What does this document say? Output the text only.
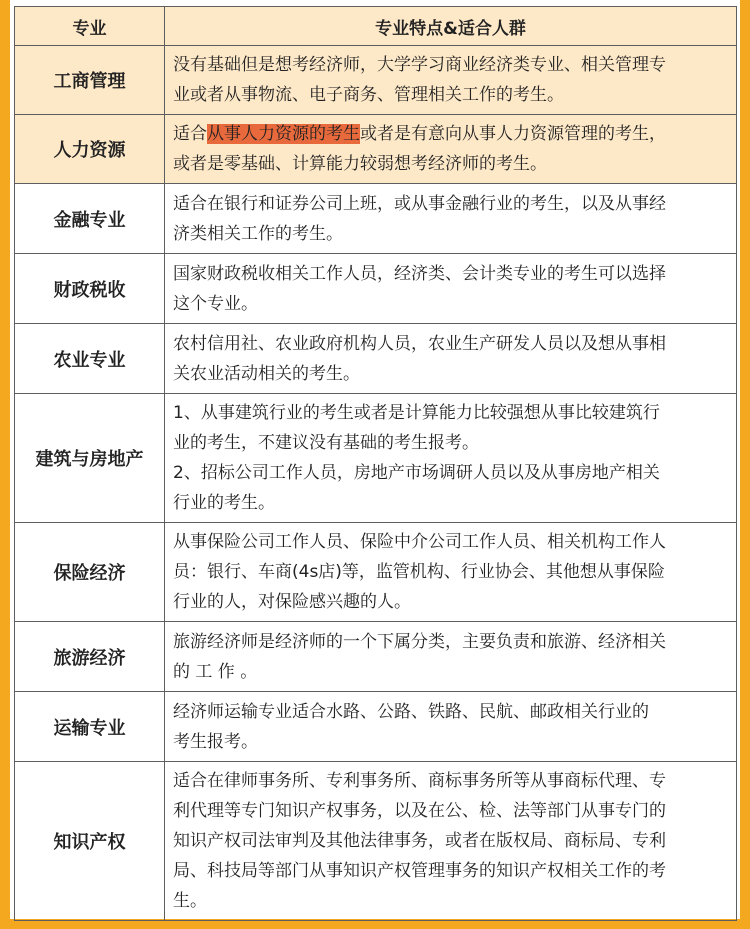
专业	专业特点&适合人群
工商管理	没有基础但是想考经济师，大学学习商业经济类专业、相关管理专
业或者从事物流、电子商务、管理相关工作的考生。

人力资源	适合从事人力资源的考生或者是有意向从事人力资源管理的考生，
或者是零基础、计算能力较弱想考经济师的考生。

金融专业	适合在银行和证券公司上班，或从事金融行业的考生，以及从事经
济类相关工作的考生。

财政税收	国家财政税收相关工作人员，经济类、会计类专业的考生可以选择
这个专业。

农业专业	农村信用社、农业政府机构人员，农业生产研发人员以及想从事相
关农业活动相关的考生。

建筑与房地产	1、从事建筑行业的考生或者是计算能力比较强想从事比较建筑行
业的考生，不建议没有基础的考生报考。
2、招标公司工作人员，房地产市场调研人员以及从事房地产相关
行业的考生。

保险经济	从事保险公司工作人员、保险中介公司工作人员、相关机构工作人
员：银行、车商(4s店)等，监管机构、行业协会、其他想从事保险
行业的人，对保险感兴趣的人。

旅游经济	旅游经济师是经济师的一个下属分类，主要负责和旅游、经济相关
的 工 作 。

运输专业	经济师运输专业适合水路、公路、铁路、民航、邮政相关行业的
考生报考。

知识产权	适合在律师事务所、专利事务所、商标事务所等从事商标代理、专
利代理等专门知识产权事务，以及在公、检、法等部门从事专门的
知识产权司法审判及其他法律事务，或者在版权局、商标局、专利
局、科技局等部门从事知识产权管理事务的知识产权相关工作的考
生。
